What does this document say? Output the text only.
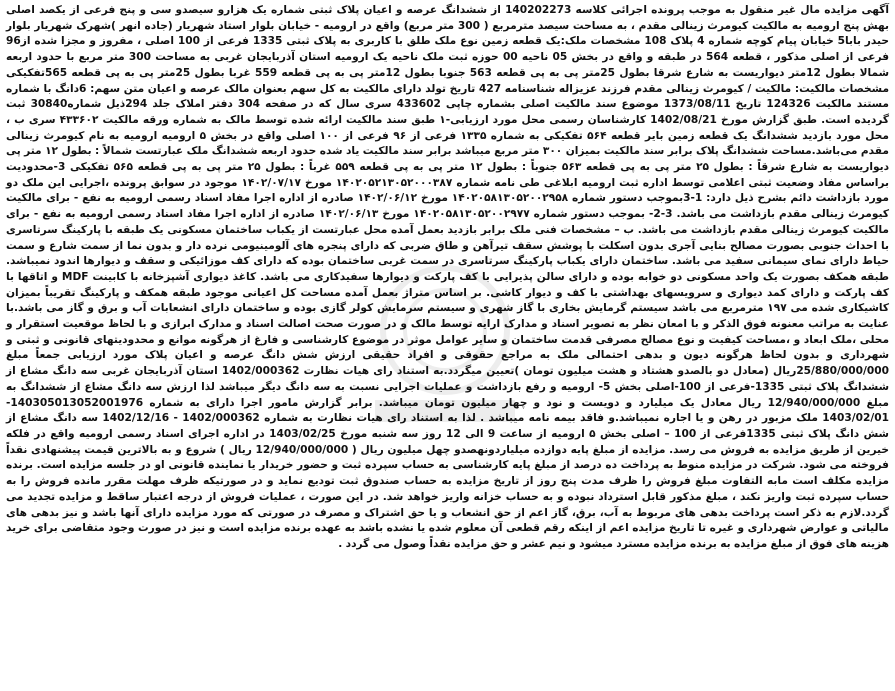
آگهی مزایده مال غیر منقول به موجب پرونده اجرائی کلاسه 140202273 از ششدانگ عرصه و اعیان پلاک ثبتی شماره یک هزارو سیصدو سی و پنج فرعی از یکصد اصلی بهش پنج ارومیه به مالکیت کیومرث زینالی مقدم ، به مساحت سیصد مترمربع ( 300 متر مربع) واقع در ارومیه - خیابان بلوار استاد شهریار (جاده انهر )شهرک شهریار بلوار حیدر بابا5 خیابان پیام کوچه شماره 4 پلاک 108 مشخصات ملک:یک قطعه زمین نوع ملک طلق با کاربری به پلاک ثبتی 1335 فرعی از 100 اصلی ، مفروز و مجزا شده از96 فرعی از اصلی مذکور ، قطعه 564 در طبقه و واقع در بخش 05 ناحیه 00 حوزه ثبت ملک ناحیه یک ارومیه استان آذربایجان غربی به مساحت 300 متر مربع با حدود اربعه شمالا بطول 12متر دیواریست به شارع شرقا بطول 25متر پی به پی قطعه 563 جنوبا بطول 12متر پی به پی قطعه 559 غربا بطول 25متر پی به پی قطعه 565تفکیکی مشخصات مالکیت: مالکیت / کیومرث زینالی مقدم فرزند عزیزاله شناسنامه 427 تاریخ تولد دارای مالکیت به کل سهم بعنوان مالک عرصه و اعیان متن سهم: 6دانگ با شماره مستند مالکیت 124326 تاریخ 1373/08/11 موضوع سند مالکیت اصلی بشماره چاپی 433602 سری سال که در صفحه 304 دفتر املاک جلد 294ذیل شماره30840 ثبت گردیده است. طبق گزارش مورخ 1402/08/21 کارشناسان رسمی محل مورد ارزیابی-۱ طبق سند مالکیت ارائه شده توسط مالک به شماره ورقه مالکیت ۴۳۳۶۰۲ سری ب ، محل مورد بازدید ششدانگ یک قطعه زمین بایر قطعه ۵۶۴ تفکیکی به شماره ۱۳۳۵ فرعی از ۹۶ فرعی از ۱۰۰ اصلی واقع در بخش ۵ ارومیه ارومیه به نام کیومرث زینالی مقدم می‌باشد.مساحت ششدانگ پلاک برابر سند مالکیت بمیزان ۳۰۰ متر مربع میباشد برابر سند مالکیت یاد شده حدود اربعه ششدانگ ملک عبارتست شمالاً : بطول ۱۲ متر پی دیواریست به شارع شرقاً : بطول ۲۵ متر پی به پی قطعه ۵۶۳ جنوباً : بطول ۱۲ متر پی به پی قطعه ۵۵۹ غرباً : بطول ۲۵ متر پی به پی قطعه ۵۶۵ تفکیکی 3-محدودیت براساس مفاد وضعیت ثبتی اعلامی توسط اداره ثبت ارومیه ابلاغی طی نامه شماره ۱۴۰۲۰۵۲۱۳۰۵۲۰۰۰۳۸۷ مورخ ۱۴۰۲/۰۷/۱۷ موجود در سوابق پرونده ،اجرایی این ملک دو مورد بازداشت دائم بشرح ذیل دارد: 1-3بموجب دستور شماره ۱۴۰۲۰۵۸۱۳۰۵۲۰۰۲۹۵۸ مورخ ۱۴۰۲/۰۶/۱۲ صادره از اداره اجرا مفاد اسناد رسمی ارومیه به نفع - برای مالکیت کیومرث زینالی مقدم بازداشت می باشد. 3-2- بموجب دستور شماره ۱۴۰۲۰۵۸۱۳۰۵۲۰۰۲۹۷۷ مورخ ۱۴۰۲/۰۶/۱۳ صادره از اداره اجرا مفاد اسناد رسمی ارومیه به نفع - برای مالکیت کیومرث زینالی مقدم بازداشت می باشد. ب – مشخصات فنی ملک برابر بازدید بعمل آمده محل عبارتست از یکباب ساختمان مسکونی یک طبقه با پارکینگ سرتاسری با احداث جنوبی بصورت مصالح بنایی آجری بدون اسکلت با پوشش سقف تیرآهن و طاق ضربی که دارای پنجره های آلومینیومی نرده دار و بدون نما از سمت شارع و سمت حیاط دارای نمای سیمانی سفید می باشد. ساختمان دارای یکباب پارکینگ سرتاسری در سمت غربی ساختمان بوده که دارای کف موزائیکی و سقف و دیوارها اندود نمیباشد. طبقه همکف بصورت یک واحد مسکونی دو خوابه بوده و دارای سالن پذیرایی با کف پارکت و دیوارها سفیدکاری می باشد. کاغذ دیواری آشپزخانه با کابینت MDF و اتاقها با کف پارکت و دارای کمد دیواری و سرویسهای بهداشتی با کف و دیوار کاشی. بر اساس متراژ بعمل آمده مساحت کل اعیانی موجود طبقه همکف و پارکینگ تقریباً بمیزان کاشیکاری شده می ۱۹۷ مترمربع می باشد سیستم گرمایش بخاری با گاز شهری و سیستم سرمایش کولر گازی بوده و ساختمان دارای انشعابات آب و برق و گاز می باشد.با عنایت به مراتب معنونه فوق الذکر و با امعان نظر به تصویر اسناد و مدارک ارایه توسط مالک و در صورت صحت اصالت اسناد و مدارک ابرازی و با لحاظ موقعیت استقرار و محلی ،ملک ابعاد و ،مساحت کیفیت و نوع مصالح مصرفی قدمت ساختمان و سایر عوامل موثر در موضوع کارشناسی و فارغ از هرگونه موانع و محدودیتهای قانونی و ثبتی و شهرداری و بدون لحاظ هرگونه دیون و بدهی احتمالی ملک به مراجع حقوقی و افراد حقیقی ارزش شش دانگ عرصه و اعیان پلاک مورد ارزیابی جمعاً مبلغ 25/880/000/000ریال (معادل دو بالصدو هشتاد و هشت میلیون تومان )تعیین میگردد.به استناد رای هیات نظارت 1402/000362 استان آذربایجان غربی سه دانگ مشاع از ششدانگ پلاک ثبتی 1335-فرعی از 100-اصلی بخش 5- ارومیه و رفع بازداشت و عملیات اجرایی نسبت به سه دانگ دیگر میباشد لذا ارزش سه دانگ مشاع از ششدانگ به مبلغ 12/940/000/000 ریال معادل یک میلیارد و دویست و نود و چهار میلیون تومان میباشد. برابر گزارش مامور اجرا دارای به شماره 140305013052001976-1403/02/01 ملک مزبور در رهن و یا اجاره نمیباشد.و فاقد بیمه نامه میباشد . لذا به استناد رای هیات نظارت به شماره 1402/000362 - 1402/12/16 سه دانگ مشاع از شش دانگ پلاک ثبتی 1335فرعی از 100 – اصلی بخش ۵ ارومیه از ساعت 9 الی 12 روز سه شنبه مورخ 1403/02/25 در اداره اجرای اسناد رسمی ارومیه واقع در فلکه خیرین از طریق مزایده به فروش می رسد. مزایده از مبلغ پایه دوازده میلیاردونهصدو چهل میلیون ریال ( 12/940/000/000 ریال ) شروع و به بالاترین قیمت پیشنهادی نقداً فروخته می شود. شرکت در مزایده منوط به پرداخت ده درصد از مبلغ پایه کارشناسی به حساب سپرده ثبت و حضور خریدار یا نماینده قانونی او در جلسه مزایده است. برنده مزایده مکلف است مابه التفاوت مبلغ فروش را ظرف مدت پنج روز از تاریخ مزایده به حساب صندوق ثبت تودیع نماید و در صورتیکه ظرف مهلت مقرر مانده فروش را به حساب سپرده ثبت واریز نکند ، مبلغ مذکور قابل استرداد نبوده و به حساب خزانه واریز خواهد شد. در این صورت ، عملیات فروش از درجه اعتبار ساقط و مزایده تجدید می گردد.لازم به ذکر است پرداخت بدهی های مربوط به آب، برق، گاز اعم از حق انشعاب و یا حق اشتراک و مصرف در صورتی که مورد مزایده دارای آنها باشد و نیز بدهی های مالیاتی و عوارض شهرداری و غیره تا تاریخ مزایده اعم از اینکه رقم قطعی آن معلوم شده یا نشده باشد به عهده برنده مزایده است و نیز در صورت وجود متقاضی برای خرید هزینه های فوق از مبلغ مزایده به برنده مزایده مسترد میشود و نیم عشر و حق مزایده نقداً وصول می گردد .
